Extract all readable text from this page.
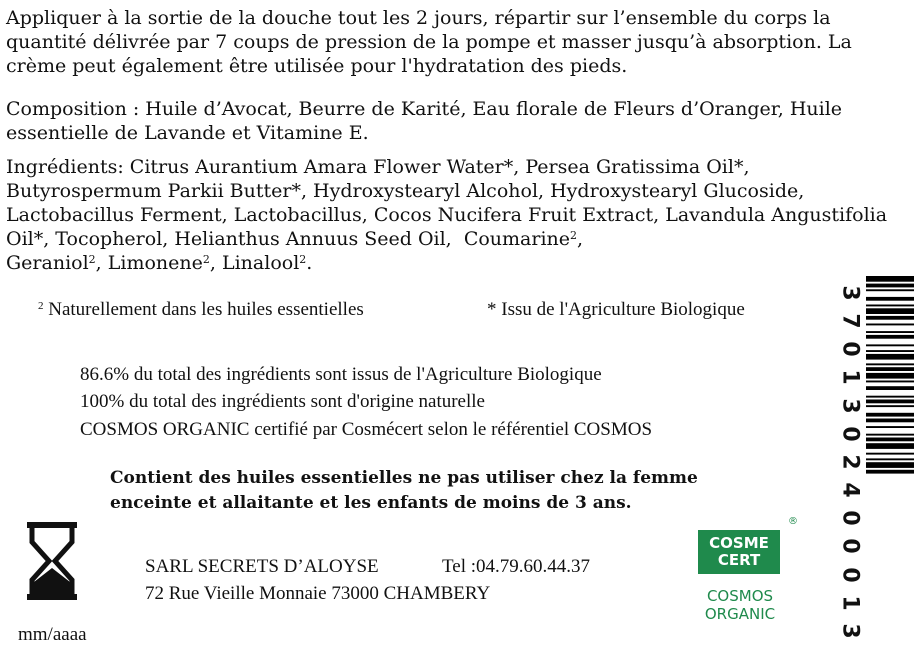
Appliquer à la sortie de la douche tout les 2 jours, répartir sur l’ensemble du corps la quantité délivrée par 7 coups de pression de la pompe et masser jusqu’à absorption. La crème peut également être utilisée pour l'hydratation des pieds.

Composition : Huile d’Avocat, Beurre de Karité, Eau florale de Fleurs d’Oranger, Huile essentielle de Lavande et Vitamine E.

Ingrédients: Citrus Aurantium Amara Flower Water*, Persea Gratissima Oil*, Butyrospermum Parkii Butter*, Hydroxystearyl Alcohol, Hydroxystearyl Glucoside, Lactobacillus Ferment, Lactobacillus, Cocos Nucifera Fruit Extract, Lavandula Angustifolia Oil*, Tocopherol, Helianthus Annuus Seed Oil, Coumarine$^2$,
Geraniol$^2$, Limonene$^2$, Linalool$^2$.

$^2$ Naturellement dans les huiles essentielles	* Issu de l'Agriculture Biologique
86.6% du total des ingrédients sont issus de l'Agriculture Biologique
100% du total des ingrédients sont d'origine naturelle
COSMOS ORGANIC certifié par Cosmécert selon le référentiel COSMOS
Contient des huiles essentielles ne pas utiliser chez la femme
enceinte et allaitante et les enfants de moins de 3 ans.
mm/aaaa
SARL SECRETS D’ALOYSE	Tel :04.79.60.44.37
72 Rue Vieille Monnaie 73000 CHAMBERY
COSME
CERT
®
COSMOS
ORGANIC
3
7
0
1
3
0
2
4
0
0
0
1
3
